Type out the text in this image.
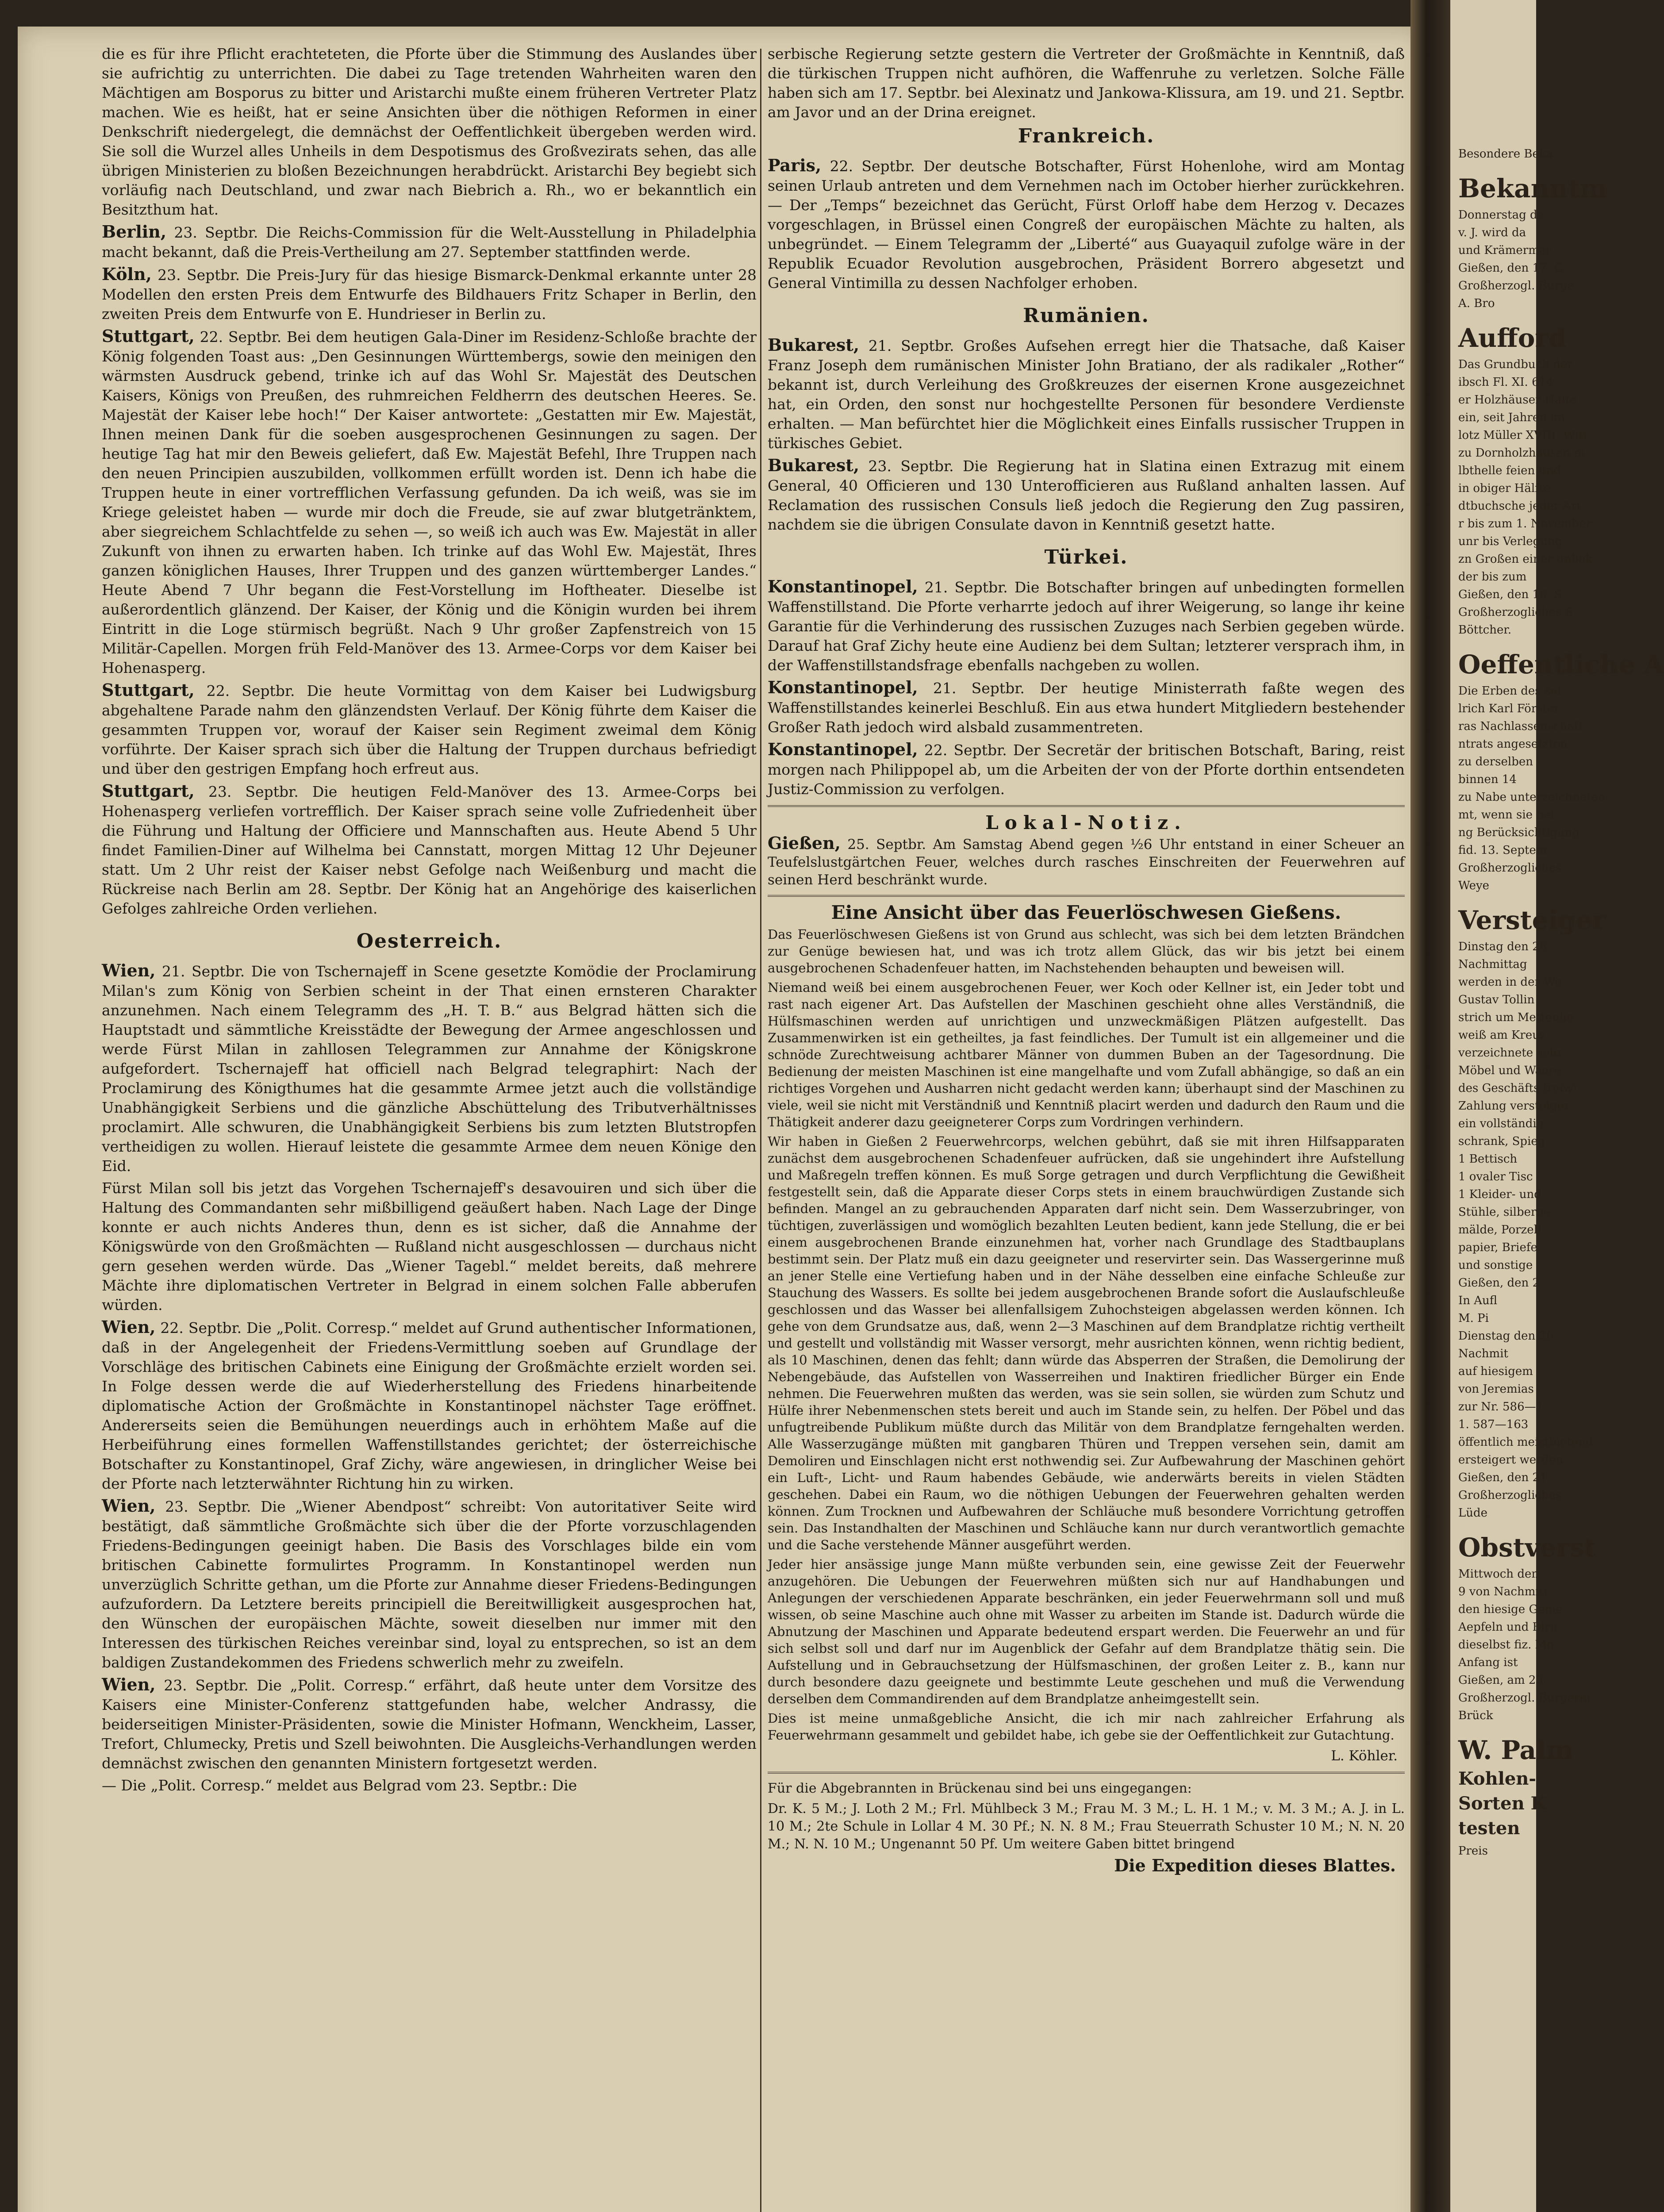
die es für ihre Pflicht erachteteten, die Pforte über die Stimmung des Auslandes über sie aufrichtig zu unterrichten. Die dabei zu Tage tretenden Wahrheiten waren den Mächtigen am Bosporus zu bitter und Aristarchi mußte einem früheren Vertreter Platz machen. Wie es heißt, hat er seine Ansichten über die nöthigen Reformen in einer Denkschrift niedergelegt, die demnächst der Oeffentlichkeit übergeben werden wird. Sie soll die Wurzel alles Unheils in dem Despotismus des Großvezirats sehen, das alle übrigen Ministerien zu bloßen Bezeichnungen herabdrückt. Aristarchi Bey begiebt sich vorläufig nach Deutschland, und zwar nach Biebrich a. Rh., wo er bekanntlich ein Besitzthum hat.

Berlin, 23. Septbr. Die Reichs-Commission für die Welt-Ausstellung in Philadelphia macht bekannt, daß die Preis-Vertheilung am 27. September stattfinden werde.

Köln, 23. Septbr. Die Preis-Jury für das hiesige Bismarck-Denkmal erkannte unter 28 Modellen den ersten Preis dem Entwurfe des Bildhauers Fritz Schaper in Berlin, den zweiten Preis dem Entwurfe von E. Hundrieser in Berlin zu.

Stuttgart, 22. Septbr. Bei dem heutigen Gala-Diner im Residenz-Schloße brachte der König folgenden Toast aus: „Den Gesinnungen Württembergs, sowie den meinigen den wärmsten Ausdruck gebend, trinke ich auf das Wohl Sr. Majestät des Deutschen Kaisers, Königs von Preußen, des ruhmreichen Feldherrn des deutschen Heeres. Se. Majestät der Kaiser lebe hoch!“ Der Kaiser antwortete: „Gestatten mir Ew. Majestät, Ihnen meinen Dank für die soeben ausgesprochenen Gesinnungen zu sagen. Der heutige Tag hat mir den Beweis geliefert, daß Ew. Majestät Befehl, Ihre Truppen nach den neuen Principien auszubilden, vollkommen erfüllt worden ist. Denn ich habe die Truppen heute in einer vortrefflichen Verfassung gefunden. Da ich weiß, was sie im Kriege geleistet haben — wurde mir doch die Freude, sie auf zwar blutgetränktem, aber siegreichem Schlachtfelde zu sehen —, so weiß ich auch was Ew. Majestät in aller Zukunft von ihnen zu erwarten haben. Ich trinke auf das Wohl Ew. Majestät, Ihres ganzen königlichen Hauses, Ihrer Truppen und des ganzen württemberger Landes.“ Heute Abend 7 Uhr begann die Fest-Vorstellung im Hoftheater. Dieselbe ist außerordentlich glänzend. Der Kaiser, der König und die Königin wurden bei ihrem Eintritt in die Loge stürmisch begrüßt. Nach 9 Uhr großer Zapfenstreich von 15 Militär-Capellen. Morgen früh Feld-Manöver des 13. Armee-Corps vor dem Kaiser bei Hohenasperg.

Stuttgart, 22. Septbr. Die heute Vormittag von dem Kaiser bei Ludwigsburg abgehaltene Parade nahm den glänzendsten Verlauf. Der König führte dem Kaiser die gesammten Truppen vor, worauf der Kaiser sein Regiment zweimal dem König vorführte. Der Kaiser sprach sich über die Haltung der Truppen durchaus befriedigt und über den gestrigen Empfang hoch erfreut aus.

Stuttgart, 23. Septbr. Die heutigen Feld-Manöver des 13. Armee-Corps bei Hohenasperg verliefen vortrefflich. Der Kaiser sprach seine volle Zufriedenheit über die Führung und Haltung der Officiere und Mannschaften aus. Heute Abend 5 Uhr findet Familien-Diner auf Wilhelma bei Cannstatt, morgen Mittag 12 Uhr Dejeuner statt. Um 2 Uhr reist der Kaiser nebst Gefolge nach Weißenburg und macht die Rückreise nach Berlin am 28. Septbr. Der König hat an Angehörige des kaiserlichen Gefolges zahlreiche Orden verliehen.

Oesterreich.

Wien, 21. Septbr. Die von Tschernajeff in Scene gesetzte Komödie der Proclamirung Milan's zum König von Serbien scheint in der That einen ernsteren Charakter anzunehmen. Nach einem Telegramm des „H. T. B.“ aus Belgrad hätten sich die Hauptstadt und sämmtliche Kreisstädte der Bewegung der Armee angeschlossen und werde Fürst Milan in zahllosen Telegrammen zur Annahme der Königskrone aufgefordert. Tschernajeff hat officiell nach Belgrad telegraphirt: Nach der Proclamirung des Königthumes hat die gesammte Armee jetzt auch die vollständige Unabhängigkeit Serbiens und die gänzliche Abschüttelung des Tributverhältnisses proclamirt. Alle schwuren, die Unabhängigkeit Serbiens bis zum letzten Blutstropfen vertheidigen zu wollen. Hierauf leistete die gesammte Armee dem neuen Könige den Eid.

Fürst Milan soll bis jetzt das Vorgehen Tschernajeff's desavouiren und sich über die Haltung des Commandanten sehr mißbilligend geäußert haben. Nach Lage der Dinge konnte er auch nichts Anderes thun, denn es ist sicher, daß die Annahme der Königswürde von den Großmächten — Rußland nicht ausgeschlossen — durchaus nicht gern gesehen werden würde. Das „Wiener Tagebl.“ meldet bereits, daß mehrere Mächte ihre diplomatischen Vertreter in Belgrad in einem solchen Falle abberufen würden.

Wien, 22. Septbr. Die „Polit. Corresp.“ meldet auf Grund authentischer Informationen, daß in der Angelegenheit der Friedens-Vermittlung soeben auf Grundlage der Vorschläge des britischen Cabinets eine Einigung der Großmächte erzielt worden sei. In Folge dessen werde die auf Wiederherstellung des Friedens hinarbeitende diplomatische Action der Großmächte in Konstantinopel nächster Tage eröffnet. Andererseits seien die Bemühungen neuerdings auch in erhöhtem Maße auf die Herbeiführung eines formellen Waffenstillstandes gerichtet; der österreichische Botschafter zu Konstantinopel, Graf Zichy, wäre angewiesen, in dringlicher Weise bei der Pforte nach letzterwähnter Richtung hin zu wirken.

Wien, 23. Septbr. Die „Wiener Abendpost“ schreibt: Von autoritativer Seite wird bestätigt, daß sämmtliche Großmächte sich über die der Pforte vorzuschlagenden Friedens-Bedingungen geeinigt haben. Die Basis des Vorschlages bilde ein vom britischen Cabinette formulirtes Programm. In Konstantinopel werden nun unverzüglich Schritte gethan, um die Pforte zur Annahme dieser Friedens-Bedingungen aufzufordern. Da Letztere bereits principiell die Bereitwilligkeit ausgesprochen hat, den Wünschen der europäischen Mächte, soweit dieselben nur immer mit den Interessen des türkischen Reiches vereinbar sind, loyal zu entsprechen, so ist an dem baldigen Zustandekommen des Friedens schwerlich mehr zu zweifeln.

Wien, 23. Septbr. Die „Polit. Corresp.“ erfährt, daß heute unter dem Vorsitze des Kaisers eine Minister-Conferenz stattgefunden habe, welcher Andrassy, die beiderseitigen Minister-Präsidenten, sowie die Minister Hofmann, Wenckheim, Lasser, Trefort, Chlumecky, Pretis und Szell beiwohnten. Die Ausgleichs-Verhandlungen werden demnächst zwischen den genannten Ministern fortgesetzt werden.

— Die „Polit. Corresp.“ meldet aus Belgrad vom 23. Septbr.: Die

serbische Regierung setzte gestern die Vertreter der Großmächte in Kenntniß, daß die türkischen Truppen nicht aufhören, die Waffenruhe zu verletzen. Solche Fälle haben sich am 17. Septbr. bei Alexinatz und Jankowa-Klissura, am 19. und 21. Septbr. am Javor und an der Drina ereignet.

Frankreich.

Paris, 22. Septbr. Der deutsche Botschafter, Fürst Hohenlohe, wird am Montag seinen Urlaub antreten und dem Vernehmen nach im October hierher zurückkehren. — Der „Temps“ bezeichnet das Gerücht, Fürst Orloff habe dem Herzog v. Decazes vorgeschlagen, in Brüssel einen Congreß der europäischen Mächte zu halten, als unbegründet. — Einem Telegramm der „Liberté“ aus Guayaquil zufolge wäre in der Republik Ecuador Revolution ausgebrochen, Präsident Borrero abgesetzt und General Vintimilla zu dessen Nachfolger erhoben.

Rumänien.

Bukarest, 21. Septbr. Großes Aufsehen erregt hier die Thatsache, daß Kaiser Franz Joseph dem rumänischen Minister John Bratiano, der als radikaler „Rother“ bekannt ist, durch Verleihung des Großkreuzes der eisernen Krone ausgezeichnet hat, ein Orden, den sonst nur hochgestellte Personen für besondere Verdienste erhalten. — Man befürchtet hier die Möglichkeit eines Einfalls russischer Truppen in türkisches Gebiet.

Bukarest, 23. Septbr. Die Regierung hat in Slatina einen Extrazug mit einem General, 40 Officieren und 130 Unterofficieren aus Rußland anhalten lassen. Auf Reclamation des russischen Consuls ließ jedoch die Regierung den Zug passiren, nachdem sie die übrigen Consulate davon in Kenntniß gesetzt hatte.

Türkei.

Konstantinopel, 21. Septbr. Die Botschafter bringen auf unbedingten formellen Waffenstillstand. Die Pforte verharrte jedoch auf ihrer Weigerung, so lange ihr keine Garantie für die Verhinderung des russischen Zuzuges nach Serbien gegeben würde. Darauf hat Graf Zichy heute eine Audienz bei dem Sultan; letzterer versprach ihm, in der Waffenstillstandsfrage ebenfalls nachgeben zu wollen.

Konstantinopel, 21. Septbr. Der heutige Ministerrath faßte wegen des Waffenstillstandes keinerlei Beschluß. Ein aus etwa hundert Mitgliedern bestehender Großer Rath jedoch wird alsbald zusammentreten.

Konstantinopel, 22. Septbr. Der Secretär der britischen Botschaft, Baring, reist morgen nach Philippopel ab, um die Arbeiten der von der Pforte dorthin entsendeten Justiz-Commission zu verfolgen.

Lokal-Notiz.

Gießen, 25. Septbr. Am Samstag Abend gegen ½6 Uhr entstand in einer Scheuer an Teufelslustgärtchen Feuer, welches durch rasches Einschreiten der Feuerwehren auf seinen Herd beschränkt wurde.

Eine Ansicht über das Feuerlöschwesen Gießens.

Das Feuerlöschwesen Gießens ist von Grund aus schlecht, was sich bei dem letzten Brändchen zur Genüge bewiesen hat, und was ich trotz allem Glück, das wir bis jetzt bei einem ausgebrochenen Schadenfeuer hatten, im Nachstehenden behaupten und beweisen will.

Niemand weiß bei einem ausgebrochenen Feuer, wer Koch oder Kellner ist, ein Jeder tobt und rast nach eigener Art. Das Aufstellen der Maschinen geschieht ohne alles Verständniß, die Hülfsmaschinen werden auf unrichtigen und unzweckmäßigen Plätzen aufgestellt. Das Zusammenwirken ist ein getheiltes, ja fast feindliches. Der Tumult ist ein allgemeiner und die schnöde Zurechtweisung achtbarer Männer von dummen Buben an der Tagesordnung. Die Bedienung der meisten Maschinen ist eine mangelhafte und vom Zufall abhängige, so daß an ein richtiges Vorgehen und Ausharren nicht gedacht werden kann; überhaupt sind der Maschinen zu viele, weil sie nicht mit Verständniß und Kenntniß placirt werden und dadurch den Raum und die Thätigkeit anderer dazu geeigneterer Corps zum Vordringen verhindern.

Wir haben in Gießen 2 Feuerwehrcorps, welchen gebührt, daß sie mit ihren Hilfsapparaten zunächst dem ausgebrochenen Schadenfeuer aufrücken, daß sie ungehindert ihre Aufstellung und Maßregeln treffen können. Es muß Sorge getragen und durch Verpflichtung die Gewißheit festgestellt sein, daß die Apparate dieser Corps stets in einem brauchwürdigen Zustande sich befinden. Mangel an zu gebrauchenden Apparaten darf nicht sein. Dem Wasserzubringer, von tüchtigen, zuverlässigen und womöglich bezahlten Leuten bedient, kann jede Stellung, die er bei einem ausgebrochenen Brande einzunehmen hat, vorher nach Grundlage des Stadtbauplans bestimmt sein. Der Platz muß ein dazu geeigneter und reservirter sein. Das Wassergerinne muß an jener Stelle eine Vertiefung haben und in der Nähe desselben eine einfache Schleuße zur Stauchung des Wassers. Es sollte bei jedem ausgebrochenen Brande sofort die Auslaufschleuße geschlossen und das Wasser bei allenfallsigem Zuhochsteigen abgelassen werden können. Ich gehe von dem Grundsatze aus, daß, wenn 2—3 Maschinen auf dem Brandplatze richtig vertheilt und gestellt und vollständig mit Wasser versorgt, mehr ausrichten können, wenn richtig bedient, als 10 Maschinen, denen das fehlt; dann würde das Absperren der Straßen, die Demolirung der Nebengebäude, das Aufstellen von Wasserreihen und Inaktiren friedlicher Bürger ein Ende nehmen. Die Feuerwehren mußten das werden, was sie sein sollen, sie würden zum Schutz und Hülfe ihrer Nebenmenschen stets bereit und auch im Stande sein, zu helfen. Der Pöbel und das unfugtreibende Publikum müßte durch das Militär von dem Brandplatze ferngehalten werden. Alle Wasserzugänge müßten mit gangbaren Thüren und Treppen versehen sein, damit am Demoliren und Einschlagen nicht erst nothwendig sei. Zur Aufbewahrung der Maschinen gehört ein Luft-, Licht- und Raum habendes Gebäude, wie anderwärts bereits in vielen Städten geschehen. Dabei ein Raum, wo die nöthigen Uebungen der Feuerwehren gehalten werden können. Zum Trocknen und Aufbewahren der Schläuche muß besondere Vorrichtung getroffen sein. Das Instandhalten der Maschinen und Schläuche kann nur durch verantwortlich gemachte und die Sache verstehende Männer ausgeführt werden.

Jeder hier ansässige junge Mann müßte verbunden sein, eine gewisse Zeit der Feuerwehr anzugehören. Die Uebungen der Feuerwehren müßten sich nur auf Handhabungen und Anlegungen der verschiedenen Apparate beschränken, ein jeder Feuerwehrmann soll und muß wissen, ob seine Maschine auch ohne mit Wasser zu arbeiten im Stande ist. Dadurch würde die Abnutzung der Maschinen und Apparate bedeutend erspart werden. Die Feuerwehr an und für sich selbst soll und darf nur im Augenblick der Gefahr auf dem Brandplatze thätig sein. Die Aufstellung und in Gebrauchsetzung der Hülfsmaschinen, der großen Leiter z. B., kann nur durch besondere dazu geeignete und bestimmte Leute geschehen und muß die Verwendung derselben dem Commandirenden auf dem Brandplatze anheimgestellt sein.

Dies ist meine unmaßgebliche Ansicht, die ich mir nach zahlreicher Erfahrung als Feuerwehrmann gesammelt und gebildet habe, ich gebe sie der Oeffentlichkeit zur Gutachtung.

L. Köhler.

Für die Abgebrannten in Brückenau sind bei uns eingegangen:

Dr. K. 5 M.; J. Loth 2 M.; Frl. Mühlbeck 3 M.; Frau M. 3 M.; L. H. 1 M.; v. M. 3 M.; A. J. in L. 10 M.; 2te Schule in Lollar 4 M. 30 Pf.; N. N. 8 M.; Frau Steuerrath Schuster 10 M.; N. N. 20 M.; N. N. 10 M.; Ungenannt 50 Pf. Um weitere Gaben bittet bringend

Die Expedition dieses Blattes.
Besondere Beka
Bekanntm
Donnerstag de
v. J. wird da
und Krämermar
Gießen, den 17. G
Großherzogl. Bürge
A. Bro
Aufford
Das Grundbuch der
ibsch Fl. XI. 614
er Holzhäuser-Hälte
ein, seit Jahren im
lotz Müller XVIII. Witt
zu Dornholzhausen ei
lbthelle feien und
in obiger Hälfte
dtbuchsche jeder Art
r bis zum 1. November
unr bis Verlegung
zn Großen einer unbek
der bis zum
Gießen, den 16. S
Großherzogliches S
Böttcher.
Oeffentliche A
Die Erben des sel
lrich Karl Förster
ras Nachlassenschaft
ntrats angesetzten
zu derselben
binnen 14
zu Nabe unterzeichneten
mt, wenn sie bei
ng Berücksichtigung
fid. 13. Septem
Großherzogliches
Weye
Versteiger
Dinstag den 26
Nachmittag
werden in der Wo
Gustav Tollin
strich um Mettenhe
weiß am Kreuz
verzeichnete sehr
Möbel und Waare
des Geschäfts freiwi
Zahlung versteiger
ein vollständig
schrank, Spieg
1 Bettisch
1 ovaler Tisc
1 Kleider- und
Stühle, silberne
mälde, Porzell
papier, Briefe
und sonstige
Gießen, den 2
In Aufl
M. Pi
Dienstag den 26
Nachmit
auf hiesigem
von Jeremias
zur Nr. 586—1
1. 587—163
öffentlich meistbietend
ersteigert werden
Gießen, den 21.
Großherzogliches
Lüde
Obstverst
Mittwoch den
9 von Nachmitt
den hiesige Geme
Aepfeln und Birn
dieselbst fiz. Mo
Anfang ist
Gießen, am 23.
Großherzogl. Bürgerm
Brück
W. Palm
Kohlen-
Sorten K
testen
Preis
